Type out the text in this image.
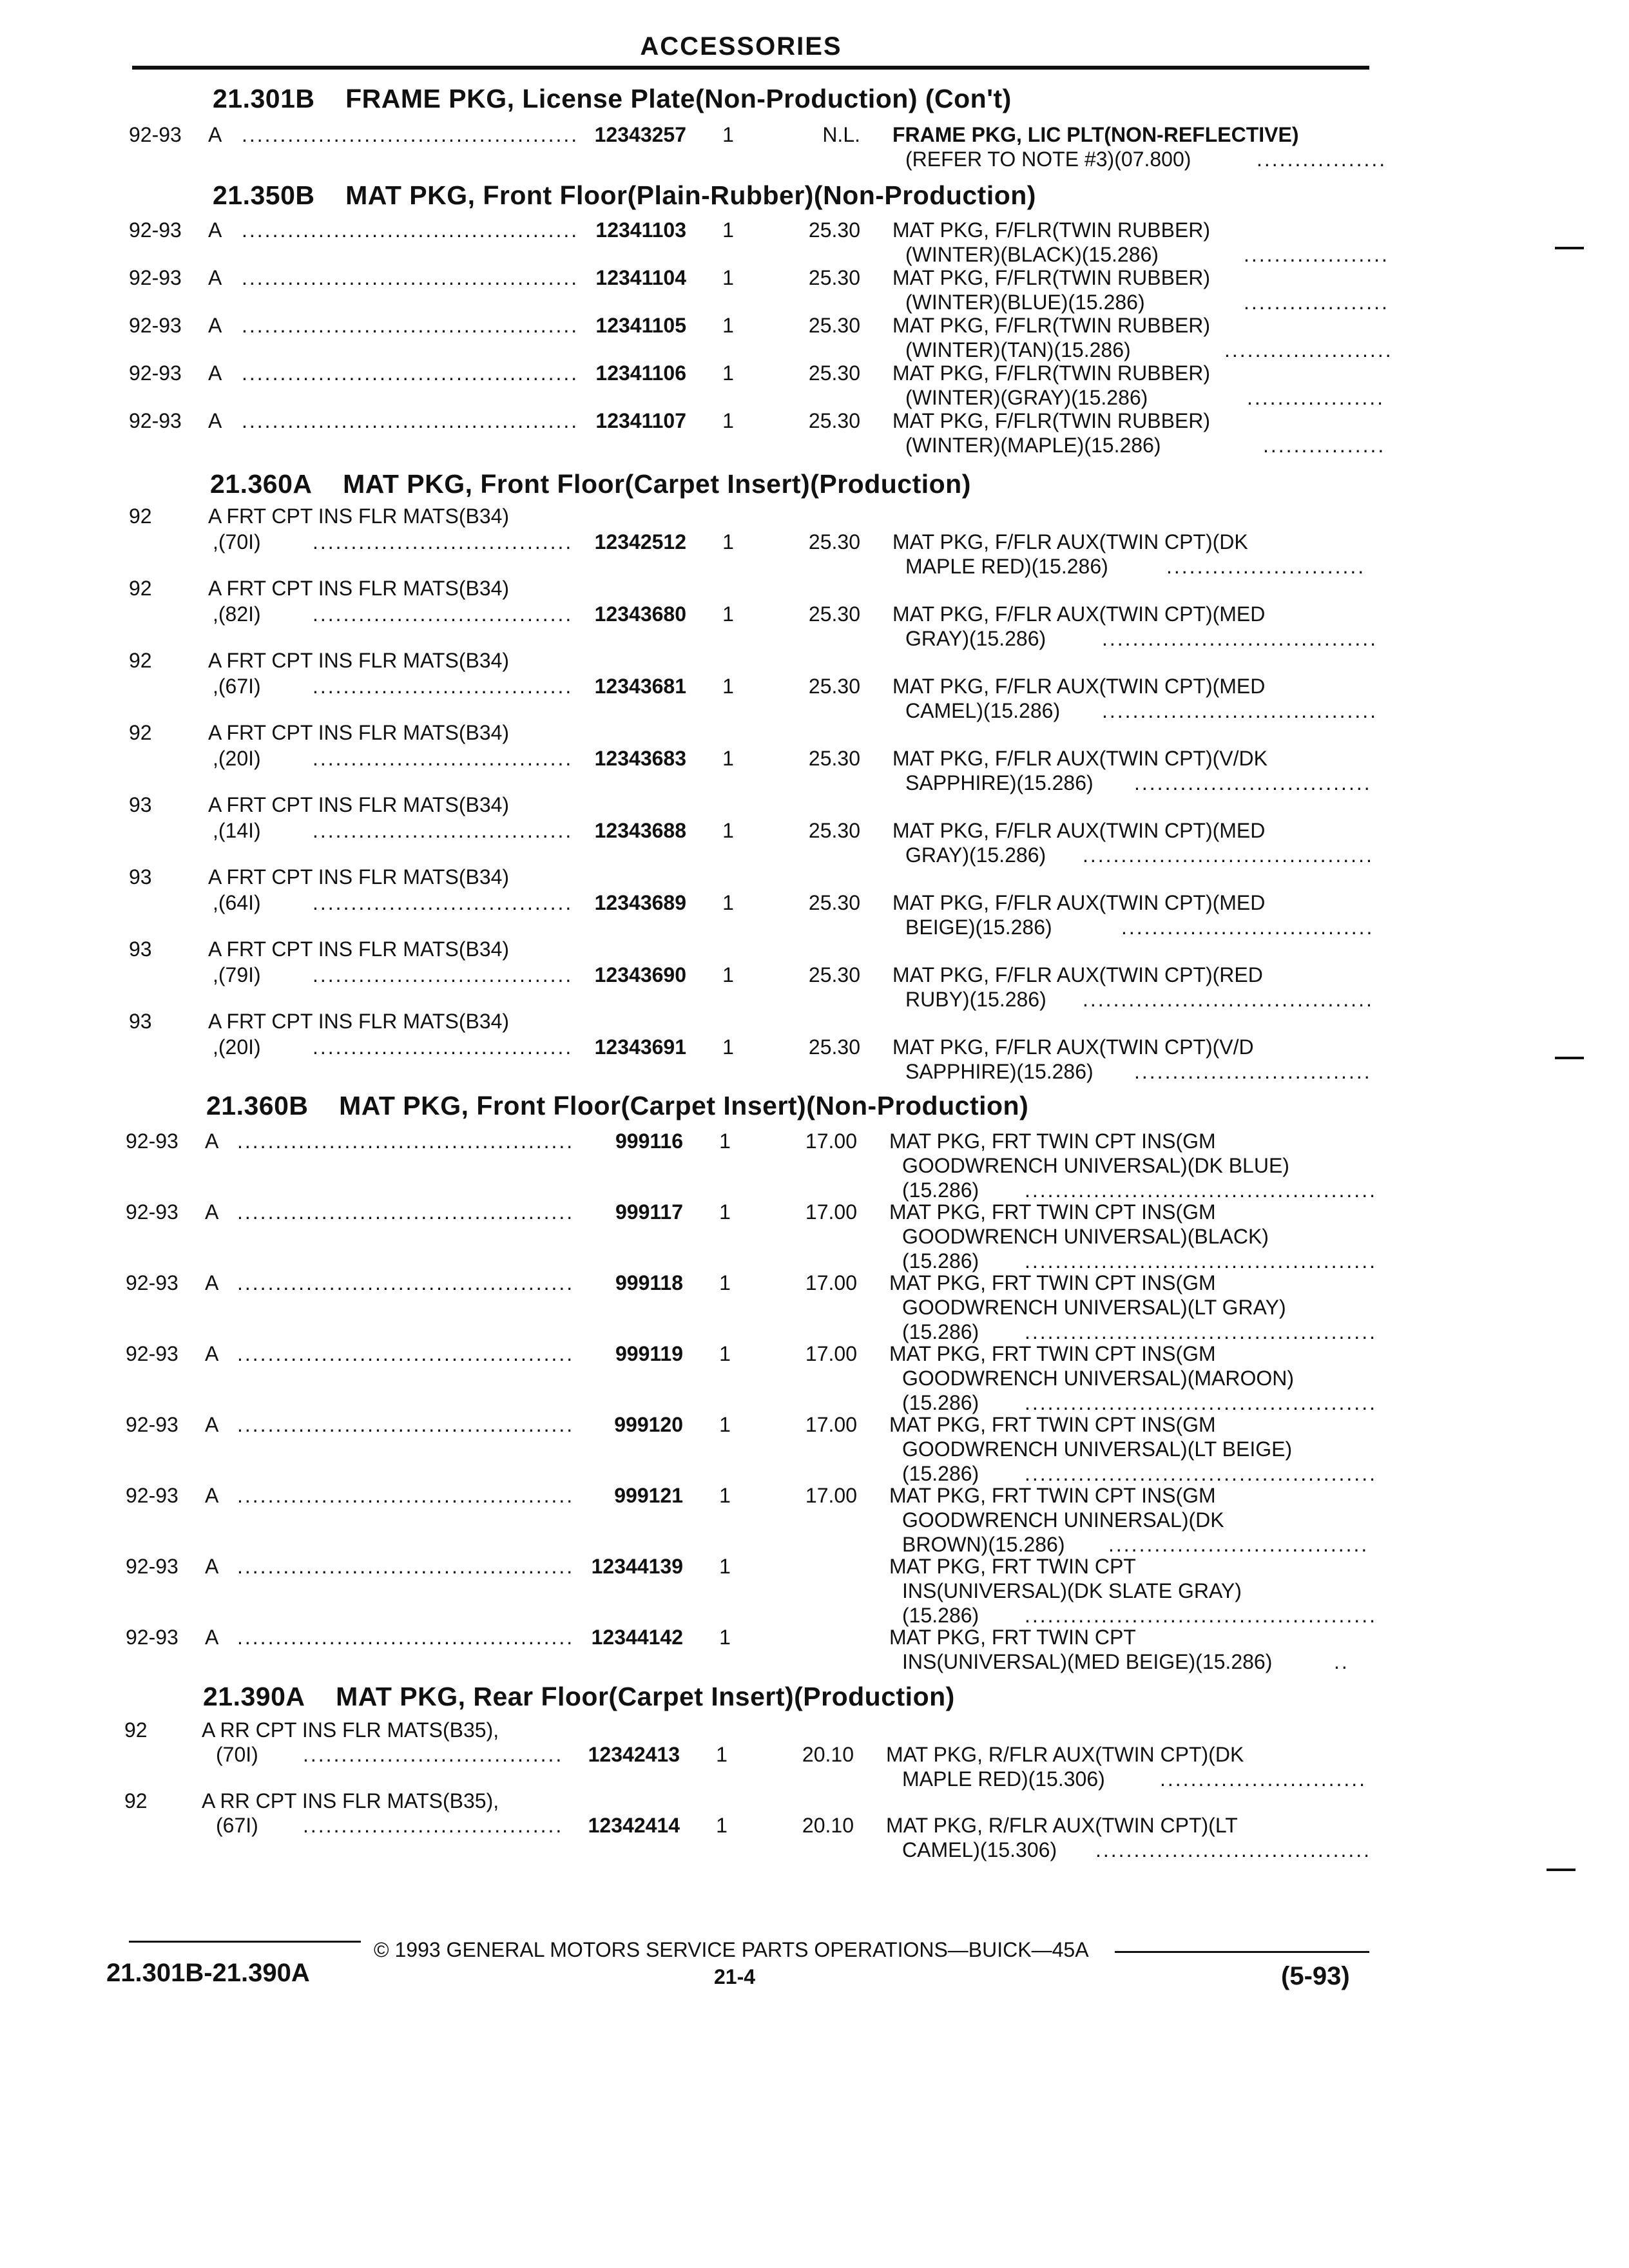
ACCESSORIES
21.301B FRAME PKG, License Plate(Non-Production) (Con't)
21.350B MAT PKG, Front Floor(Plain-Rubber)(Non-Production)
21.360A MAT PKG, Front Floor(Carpet Insert)(Production)
21.360B MAT PKG, Front Floor(Carpet Insert)(Non-Production)
21.390A MAT PKG, Rear Floor(Carpet Insert)(Production)
92-93 A ............................................ 12343257 1	N.L. FRAME PKG, LIC PLT(NON-REFLECTIVE)
(REFER TO NOTE #3)(07.800)	.................
92-93 A ............................................ 12341103 1	25.30 MAT PKG, F/FLR(TWIN RUBBER)
(WINTER)(BLACK)(15.286)	...................
92-93 A ............................................ 12341104 1	25.30 MAT PKG, F/FLR(TWIN RUBBER)
(WINTER)(BLUE)(15.286)	...................
92-93 A ............................................ 12341105 1	25.30 MAT PKG, F/FLR(TWIN RUBBER)
(WINTER)(TAN)(15.286)	......................
92-93 A ............................................ 12341106 1	25.30 MAT PKG, F/FLR(TWIN RUBBER)
(WINTER)(GRAY)(15.286)	..................
92-93 A ............................................ 12341107 1	25.30 MAT PKG, F/FLR(TWIN RUBBER)
(WINTER)(MAPLE)(15.286)	................
92	A FRT CPT INS FLR MATS(B34)
,(70I)	..................................	12342512 1	25.30 MAT PKG, F/FLR AUX(TWIN CPT)(DK
MAPLE RED)(15.286)	..........................
92	A FRT CPT INS FLR MATS(B34)
,(82I)	..................................	12343680 1	25.30 MAT PKG, F/FLR AUX(TWIN CPT)(MED
GRAY)(15.286)	....................................
92	A FRT CPT INS FLR MATS(B34)
,(67I)	..................................	12343681 1	25.30 MAT PKG, F/FLR AUX(TWIN CPT)(MED
CAMEL)(15.286) ....................................
92	A FRT CPT INS FLR MATS(B34)
,(20I)	..................................	12343683 1	25.30 MAT PKG, F/FLR AUX(TWIN CPT)(V/DK
SAPPHIRE)(15.286) ...............................
93	A FRT CPT INS FLR MATS(B34)
,(14I)	..................................	12343688 1	25.30 MAT PKG, F/FLR AUX(TWIN CPT)(MED
GRAY)(15.286) ......................................
93	A FRT CPT INS FLR MATS(B34)
,(64I)	..................................	12343689 1	25.30 MAT PKG, F/FLR AUX(TWIN CPT)(MED
BEIGE)(15.286)	.................................
93	A FRT CPT INS FLR MATS(B34)
,(79I)	..................................	12343690 1	25.30 MAT PKG, F/FLR AUX(TWIN CPT)(RED
RUBY)(15.286) ......................................
93	A FRT CPT INS FLR MATS(B34)
,(20I)	..................................	12343691 1	25.30 MAT PKG, F/FLR AUX(TWIN CPT)(V/D
SAPPHIRE)(15.286) ...............................
92-93 A ............................................	999116 1	17.00 MAT PKG, FRT TWIN CPT INS(GM
GOODWRENCH UNIVERSAL)(DK BLUE)
(15.286) ..............................................
92-93 A ............................................	999117 1	17.00 MAT PKG, FRT TWIN CPT INS(GM
GOODWRENCH UNIVERSAL)(BLACK)
(15.286) ..............................................
92-93 A ............................................	999118 1	17.00 MAT PKG, FRT TWIN CPT INS(GM
GOODWRENCH UNIVERSAL)(LT GRAY)
(15.286) ..............................................
92-93 A ............................................	999119 1	17.00 MAT PKG, FRT TWIN CPT INS(GM
GOODWRENCH UNIVERSAL)(MAROON)
(15.286) ..............................................
92-93 A ............................................	999120 1	17.00 MAT PKG, FRT TWIN CPT INS(GM
GOODWRENCH UNIVERSAL)(LT BEIGE)
(15.286) ..............................................
92-93 A ............................................	999121 1	17.00 MAT PKG, FRT TWIN CPT INS(GM
GOODWRENCH UNINERSAL)(DK
BROWN)(15.286) ..................................
92-93 A ............................................ 12344139 1	MAT PKG, FRT TWIN CPT
INS(UNIVERSAL)(DK SLATE GRAY)
(15.286) ..............................................
92-93 A ............................................ 12344142 1	MAT PKG, FRT TWIN CPT
INS(UNIVERSAL)(MED BEIGE)(15.286)	..
92	A RR CPT INS FLR MATS(B35),
(70I) ..................................	12342413 1	20.10 MAT PKG, R/FLR AUX(TWIN CPT)(DK
MAPLE RED)(15.306)	...........................
92	A RR CPT INS FLR MATS(B35),
(67I) ..................................	12342414 1	20.10 MAT PKG, R/FLR AUX(TWIN CPT)(LT
CAMEL)(15.306) ....................................
© 1993 GENERAL MOTORS SERVICE PARTS OPERATIONS—BUICK—45A
21.301B-21.390A	21-4	(5-93)
